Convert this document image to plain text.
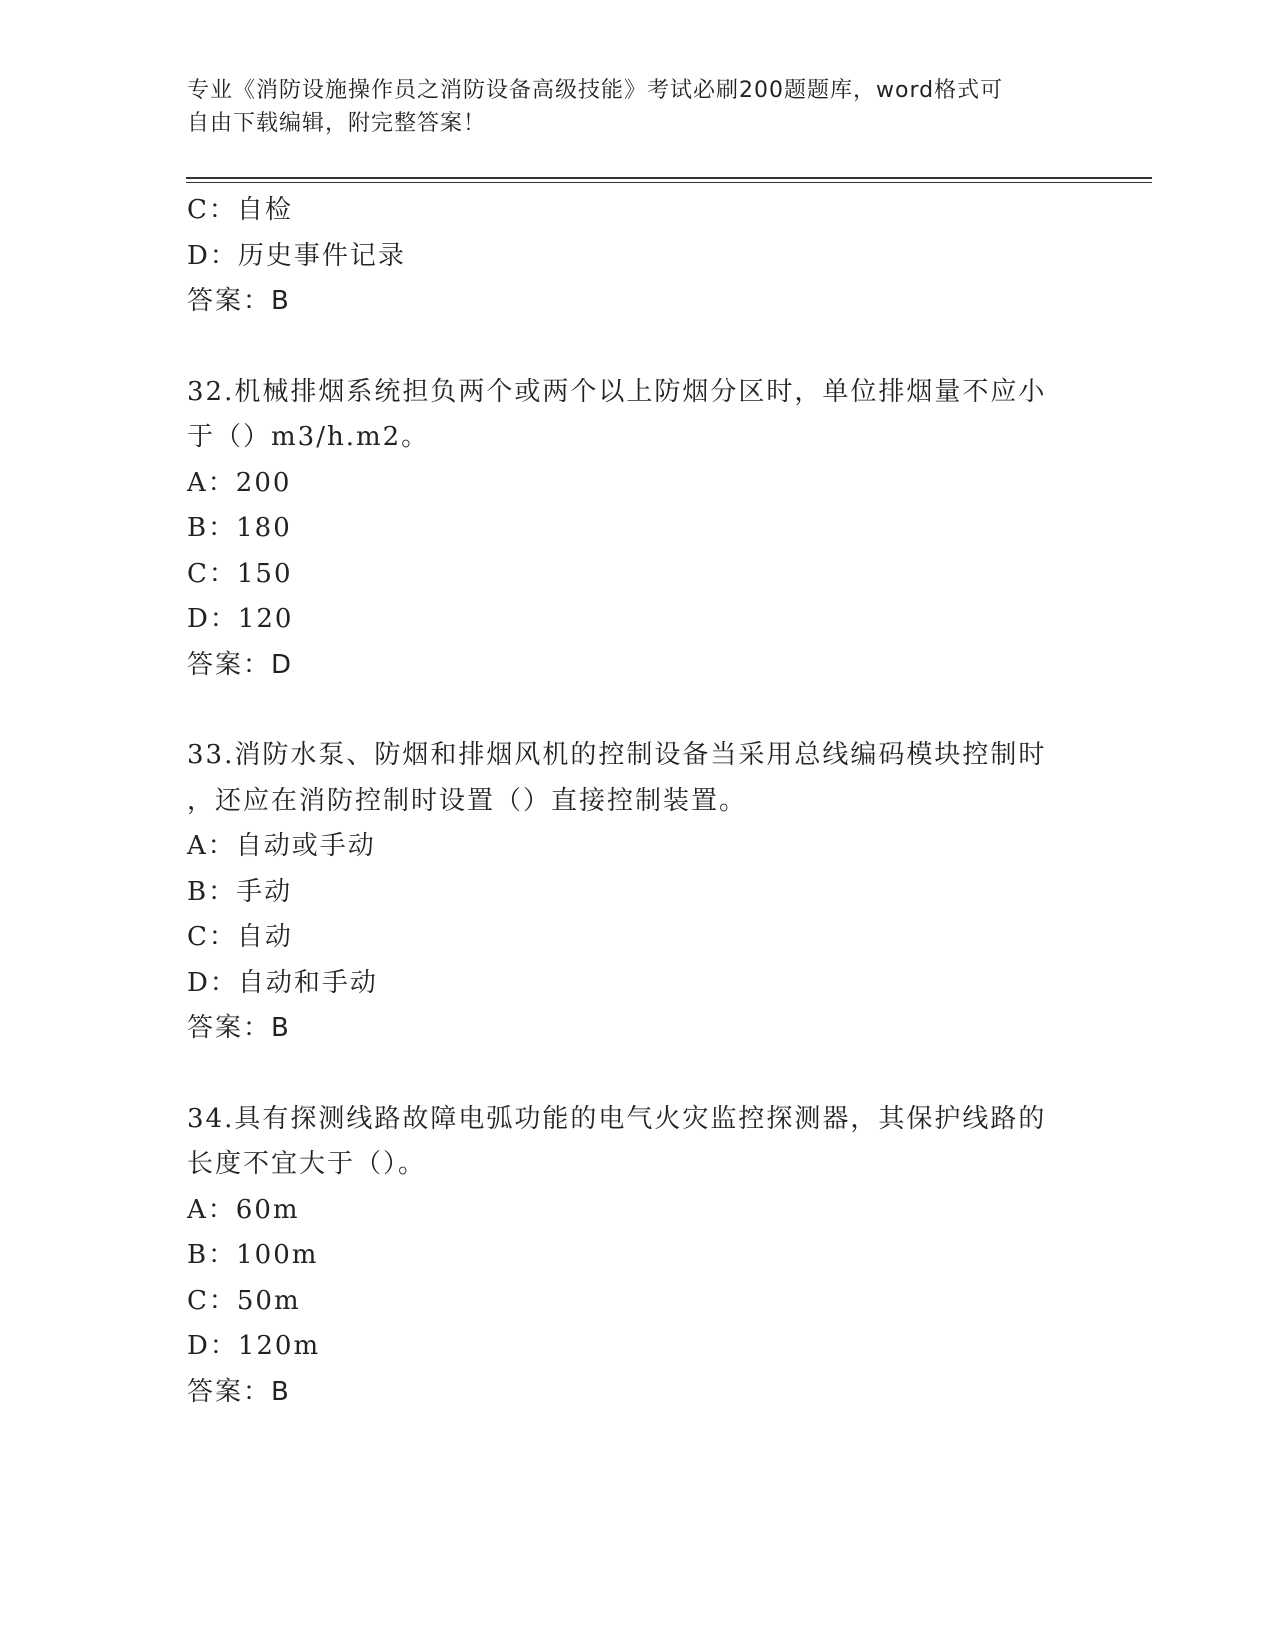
专业《消防设施操作员之消防设备高级技能》考试必刷200题题库，word格式可
自由下载编辑，附完整答案！
C：自检
D：历史事件记录
答案：B
32.机械排烟系统担负两个或两个以上防烟分区时，单位排烟量不应小
于（）m3/h.m2。
A：200
B：180
C：150
D：120
答案：D
33.消防水泵、防烟和排烟风机的控制设备当采用总线编码模块控制时
，还应在消防控制时设置（）直接控制装置。
A：自动或手动
B：手动
C：自动
D：自动和手动
答案：B
34.具有探测线路故障电弧功能的电气火灾监控探测器，其保护线路的
长度不宜大于（）。
A：60m
B：100m
C：50m
D：120m
答案：B
